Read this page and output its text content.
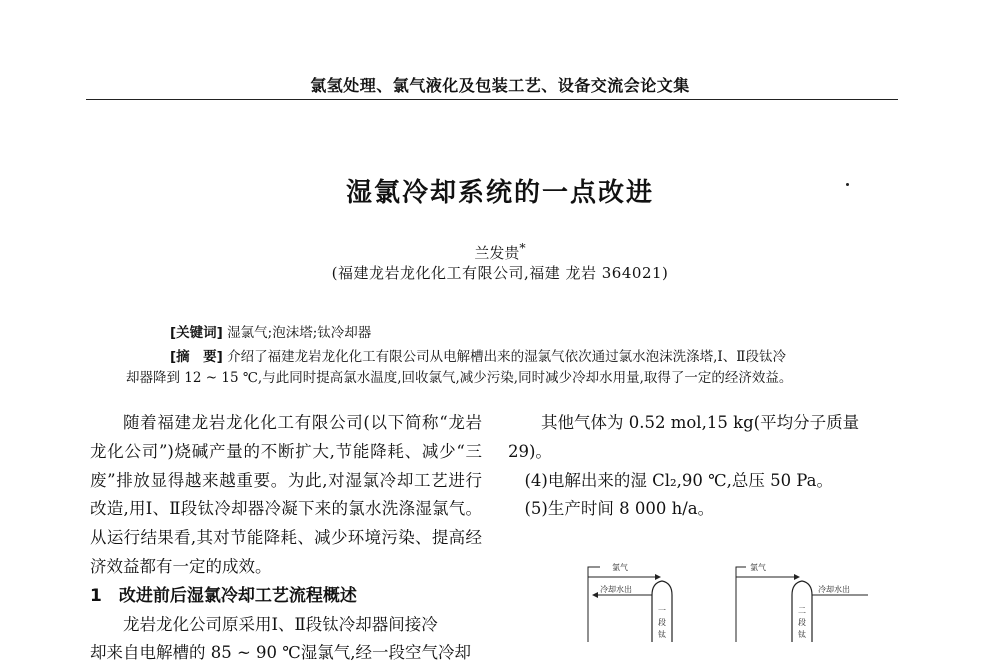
氯氢处理、氯气液化及包装工艺、设备交流会论文集
湿氯冷却系统的一点改进
兰发贵*
(福建龙岩龙化化工有限公司,福建 龙岩 364021)
[关键词] 湿氯气;泡沫塔;钛冷却器
[摘　要] 介绍了福建龙岩龙化化工有限公司从电解槽出来的湿氯气依次通过氯水泡沫洗涤塔,Ⅰ、Ⅱ段钛冷
却器降到 12 ~ 15 ℃,与此同时提高氯水温度,回收氯气,减少污染,同时减少冷却水用量,取得了一定的经济效益。

随着福建龙岩龙化化工有限公司(以下简称“龙岩龙化公司”)烧碱产量的不断扩大,节能降耗、减少“三废”排放显得越来越重要。为此,对湿氯冷却工艺进行改造,用Ⅰ、Ⅱ段钛冷却器冷凝下来的氯水洗涤湿氯气。从运行结果看,其对节能降耗、减少环境污染、提高经济效益都有一定的成效。

1　改进前后湿氯冷却工艺流程概述

龙岩龙化公司原采用Ⅰ、Ⅱ段钛冷却器间接冷

却来自电解槽的 85 ~ 90 ℃湿氯气,经一段空气冷却

其他气体为 0.52 mol,15 kg(平均分子质量

29)。

(4)电解出来的湿 Cl₂,90 ℃,总压 50 Pa。

(5)生产时间 8 000 h/a。

氯气
冷却水出
一
段
钛
氯气
二
段
钛
冷却水出
